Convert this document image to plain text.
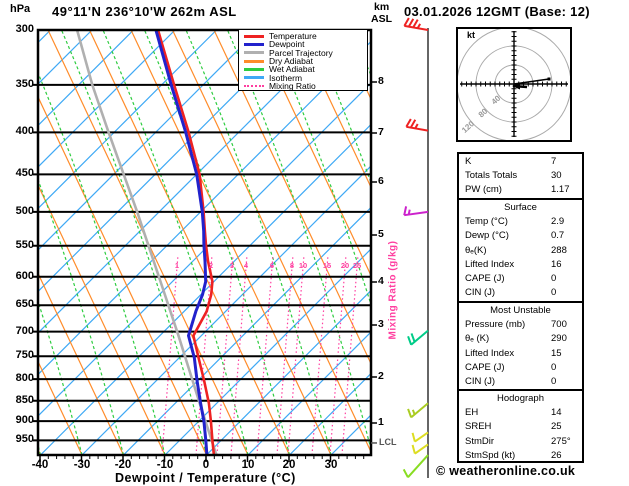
hPa 49°11'N 236°10'W 262m ASL	03.01.2026 12GMT (Base: 12)
km
ASL
300
350
400
450
500
550
600
650
700
750
800
850
900
950
-40	-30	-20	-10	0	10	20	30
Dewpoint / Temperature (°C)
8
7
6
5
4
3
2
1
1	2	3	4	6	8 10	15	20 25	Mixing Ratio (g/kg)
LCL
Temperature
Dewpoint
Parcel Trajectory
Dry Adiabat
Wet Adiabat
Isotherm
Mixing Ratio
kt
40
80
120
K	7
Totals Totals	30
PW (cm)	1.17
Surface
Temp (°C)	2.9
Dewp (°C)	0.7
θₑ(K)	288
Lifted Index	16
CAPE (J)	0
CIN (J)	0
Most Unstable
Pressure (mb)	700
θₑ (K)	290
Lifted Index	15
CAPE (J)	0
CIN (J)	0
Hodograph
EH	14
SREH	25
StmDir	275°
StmSpd (kt)	26
© weatheronline.co.uk
